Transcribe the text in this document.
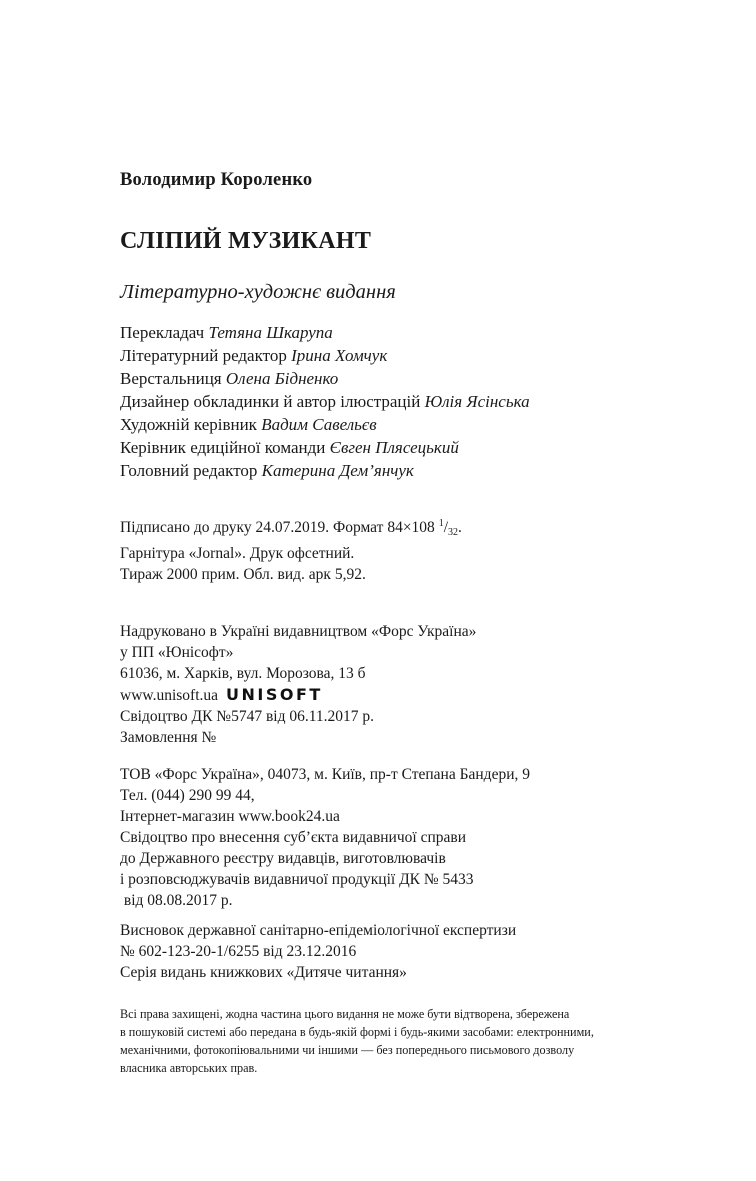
Володимир Короленко
СЛІПИЙ МУЗИКАНТ
Літературно-художнє видання
Перекладач Тетяна Шкарупа
Літературний редактор Ірина Хомчук
Верстальниця Олена Бідненко
Дизайнер обкладинки й автор ілюстрацій Юлія Ясінська
Художній керівник Вадим Савельєв
Керівник едиційної команди Євген Плясецький
Головний редактор Катерина Дем’янчук
Підписано до друку 24.07.2019. Формат 84×108 $^1/_{32}$.
Гарнітура «Jornal». Друк офсетний.
Тираж 2000 прим. Обл. вид. арк 5,92.
Надруковано в Україні видавництвом «Форс Україна»
у ПП «Юнісофт»
61036, м. Харків, вул. Морозова, 13 б
www.unisoft.ua UNISOFT
Свідоцтво ДК №5747 від 06.11.2017 р.
Замовлення №
ТОВ «Форс Україна», 04073, м. Київ, пр-т Степана Бандери, 9
Тел. (044) 290 99 44,
Інтернет-магазин www.book24.ua
Свідоцтво про внесення суб’єкта видавничої справи
до Державного реєстру видавців, виготовлювачів
і розповсюджувачів видавничої продукції ДК № 5433
від 08.08.2017 р.
Висновок державної санітарно-епідеміологічної експертизи
№ 602-123-20-1/6255 від 23.12.2016
Серія видань книжкових «Дитяче читання»
Всі права захищені, жодна частина цього видання не може бути відтворена, збережена
в пошуковій системі або передана в будь-якій формі і будь-якими засобами: електронними,
механічними, фотокопіювальними чи іншими — без попереднього письмового дозволу
власника авторських прав.
